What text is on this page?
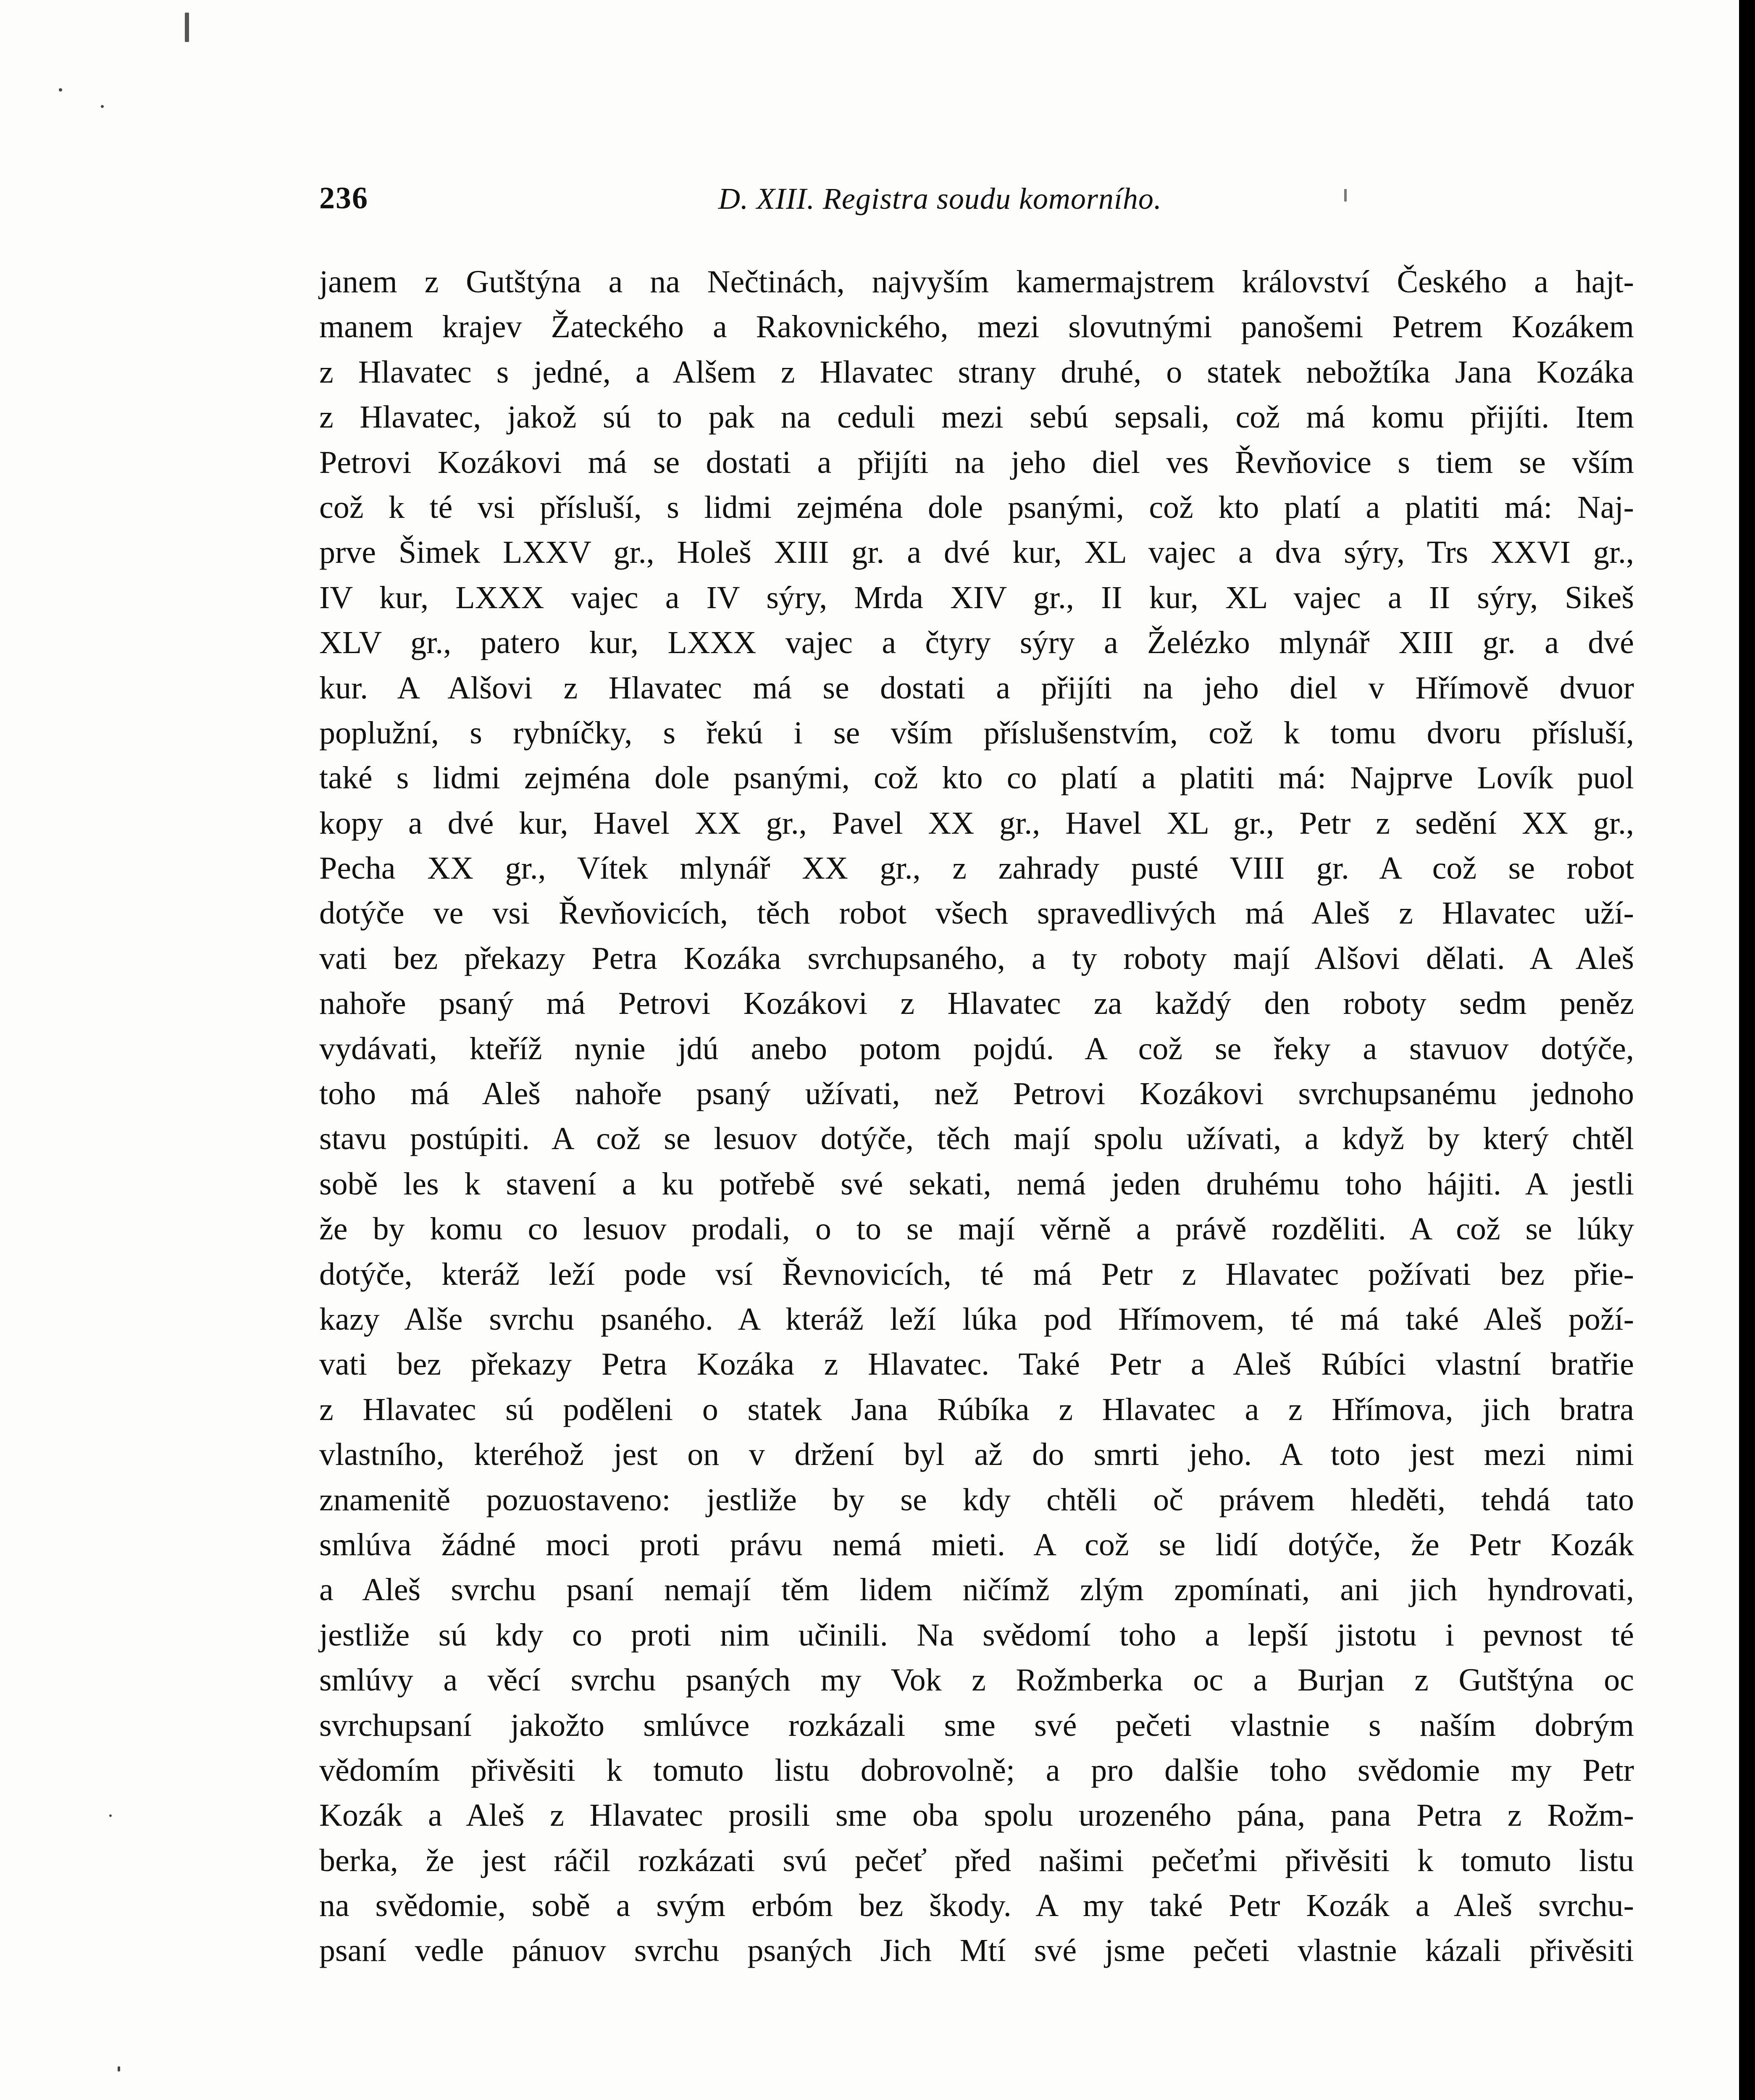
236	D. XIII. Registra soudu komorního.
janem z Gutštýna a na Nečtinách, najvyším kamermajstrem království Českého a hajt-
manem krajev Žateckého a Rakovnického, mezi slovutnými panošemi Petrem Kozákem
z Hlavatec s jedné, a Alšem z Hlavatec strany druhé, o statek nebožtíka Jana Kozáka
z Hlavatec, jakož sú to pak na ceduli mezi sebú sepsali, což má komu přijíti. Item
Petrovi Kozákovi má se dostati a přijíti na jeho diel ves Řevňovice s tiem se vším
což k té vsi přísluší, s lidmi zejména dole psanými, což kto platí a platiti má: Naj-
prve Šimek LXXV gr., Holeš XIII gr. a dvé kur, XL vajec a dva sýry, Trs XXVI gr.,
IV kur, LXXX vajec a IV sýry, Mrda XIV gr., II kur, XL vajec a II sýry, Sikeš
XLV gr., patero kur, LXXX vajec a čtyry sýry a Želézko mlynář XIII gr. a dvé
kur. A Alšovi z Hlavatec má se dostati a přijíti na jeho diel v Hřímově dvuor
poplužní, s rybníčky, s řekú i se vším příslušenstvím, což k tomu dvoru přísluší,
také s lidmi zejména dole psanými, což kto co platí a platiti má: Najprve Lovík puol
kopy a dvé kur, Havel XX gr., Pavel XX gr., Havel XL gr., Petr z sedění XX gr.,
Pecha XX gr., Vítek mlynář XX gr., z zahrady pusté VIII gr. A což se robot
dotýče ve vsi Řevňovicích, těch robot všech spravedlivých má Aleš z Hlavatec uží-
vati bez překazy Petra Kozáka svrchupsaného, a ty roboty mají Alšovi dělati. A Aleš
nahoře psaný má Petrovi Kozákovi z Hlavatec za každý den roboty sedm peněz
vydávati, kteříž nynie jdú anebo potom pojdú. A což se řeky a stavuov dotýče,
toho má Aleš nahoře psaný užívati, než Petrovi Kozákovi svrchupsanému jednoho
stavu postúpiti. A což se lesuov dotýče, těch mají spolu užívati, a když by který chtěl
sobě les k stavení a ku potřebě své sekati, nemá jeden druhému toho hájiti. A jestli
že by komu co lesuov prodali, o to se mají věrně a právě rozděliti. A což se lúky
dotýče, kteráž leží pode vsí Řevnovicích, té má Petr z Hlavatec požívati bez přie-
kazy Alše svrchu psaného. A kteráž leží lúka pod Hřímovem, té má také Aleš poží-
vati bez překazy Petra Kozáka z Hlavatec. Také Petr a Aleš Rúbíci vlastní bratřie
z Hlavatec sú poděleni o statek Jana Rúbíka z Hlavatec a z Hřímova, jich bratra
vlastního, kteréhož jest on v držení byl až do smrti jeho. A toto jest mezi nimi
znamenitě pozuostaveno: jestliže by se kdy chtěli oč právem hleděti, tehdá tato
smlúva žádné moci proti právu nemá mieti. A což se lidí dotýče, že Petr Kozák
a Aleš svrchu psaní nemají těm lidem ničímž zlým zpomínati, ani jich hyndrovati,
jestliže sú kdy co proti nim učinili. Na svědomí toho a lepší jistotu i pevnost té
smlúvy a věcí svrchu psaných my Vok z Rožmberka oc a Burjan z Gutštýna oc
svrchupsaní jakožto smlúvce rozkázali sme své pečeti vlastnie s naším dobrým
vědomím přivěsiti k tomuto listu dobrovolně; a pro dalšie toho svědomie my Petr
Kozák a Aleš z Hlavatec prosili sme oba spolu urozeného pána, pana Petra z Rožm-
berka, že jest ráčil rozkázati svú pečeť před našimi pečeťmi přivěsiti k tomuto listu
na svědomie, sobě a svým erbóm bez škody. A my také Petr Kozák a Aleš svrchu-
psaní vedle pánuov svrchu psaných Jich Mtí své jsme pečeti vlastnie kázali přivěsiti
